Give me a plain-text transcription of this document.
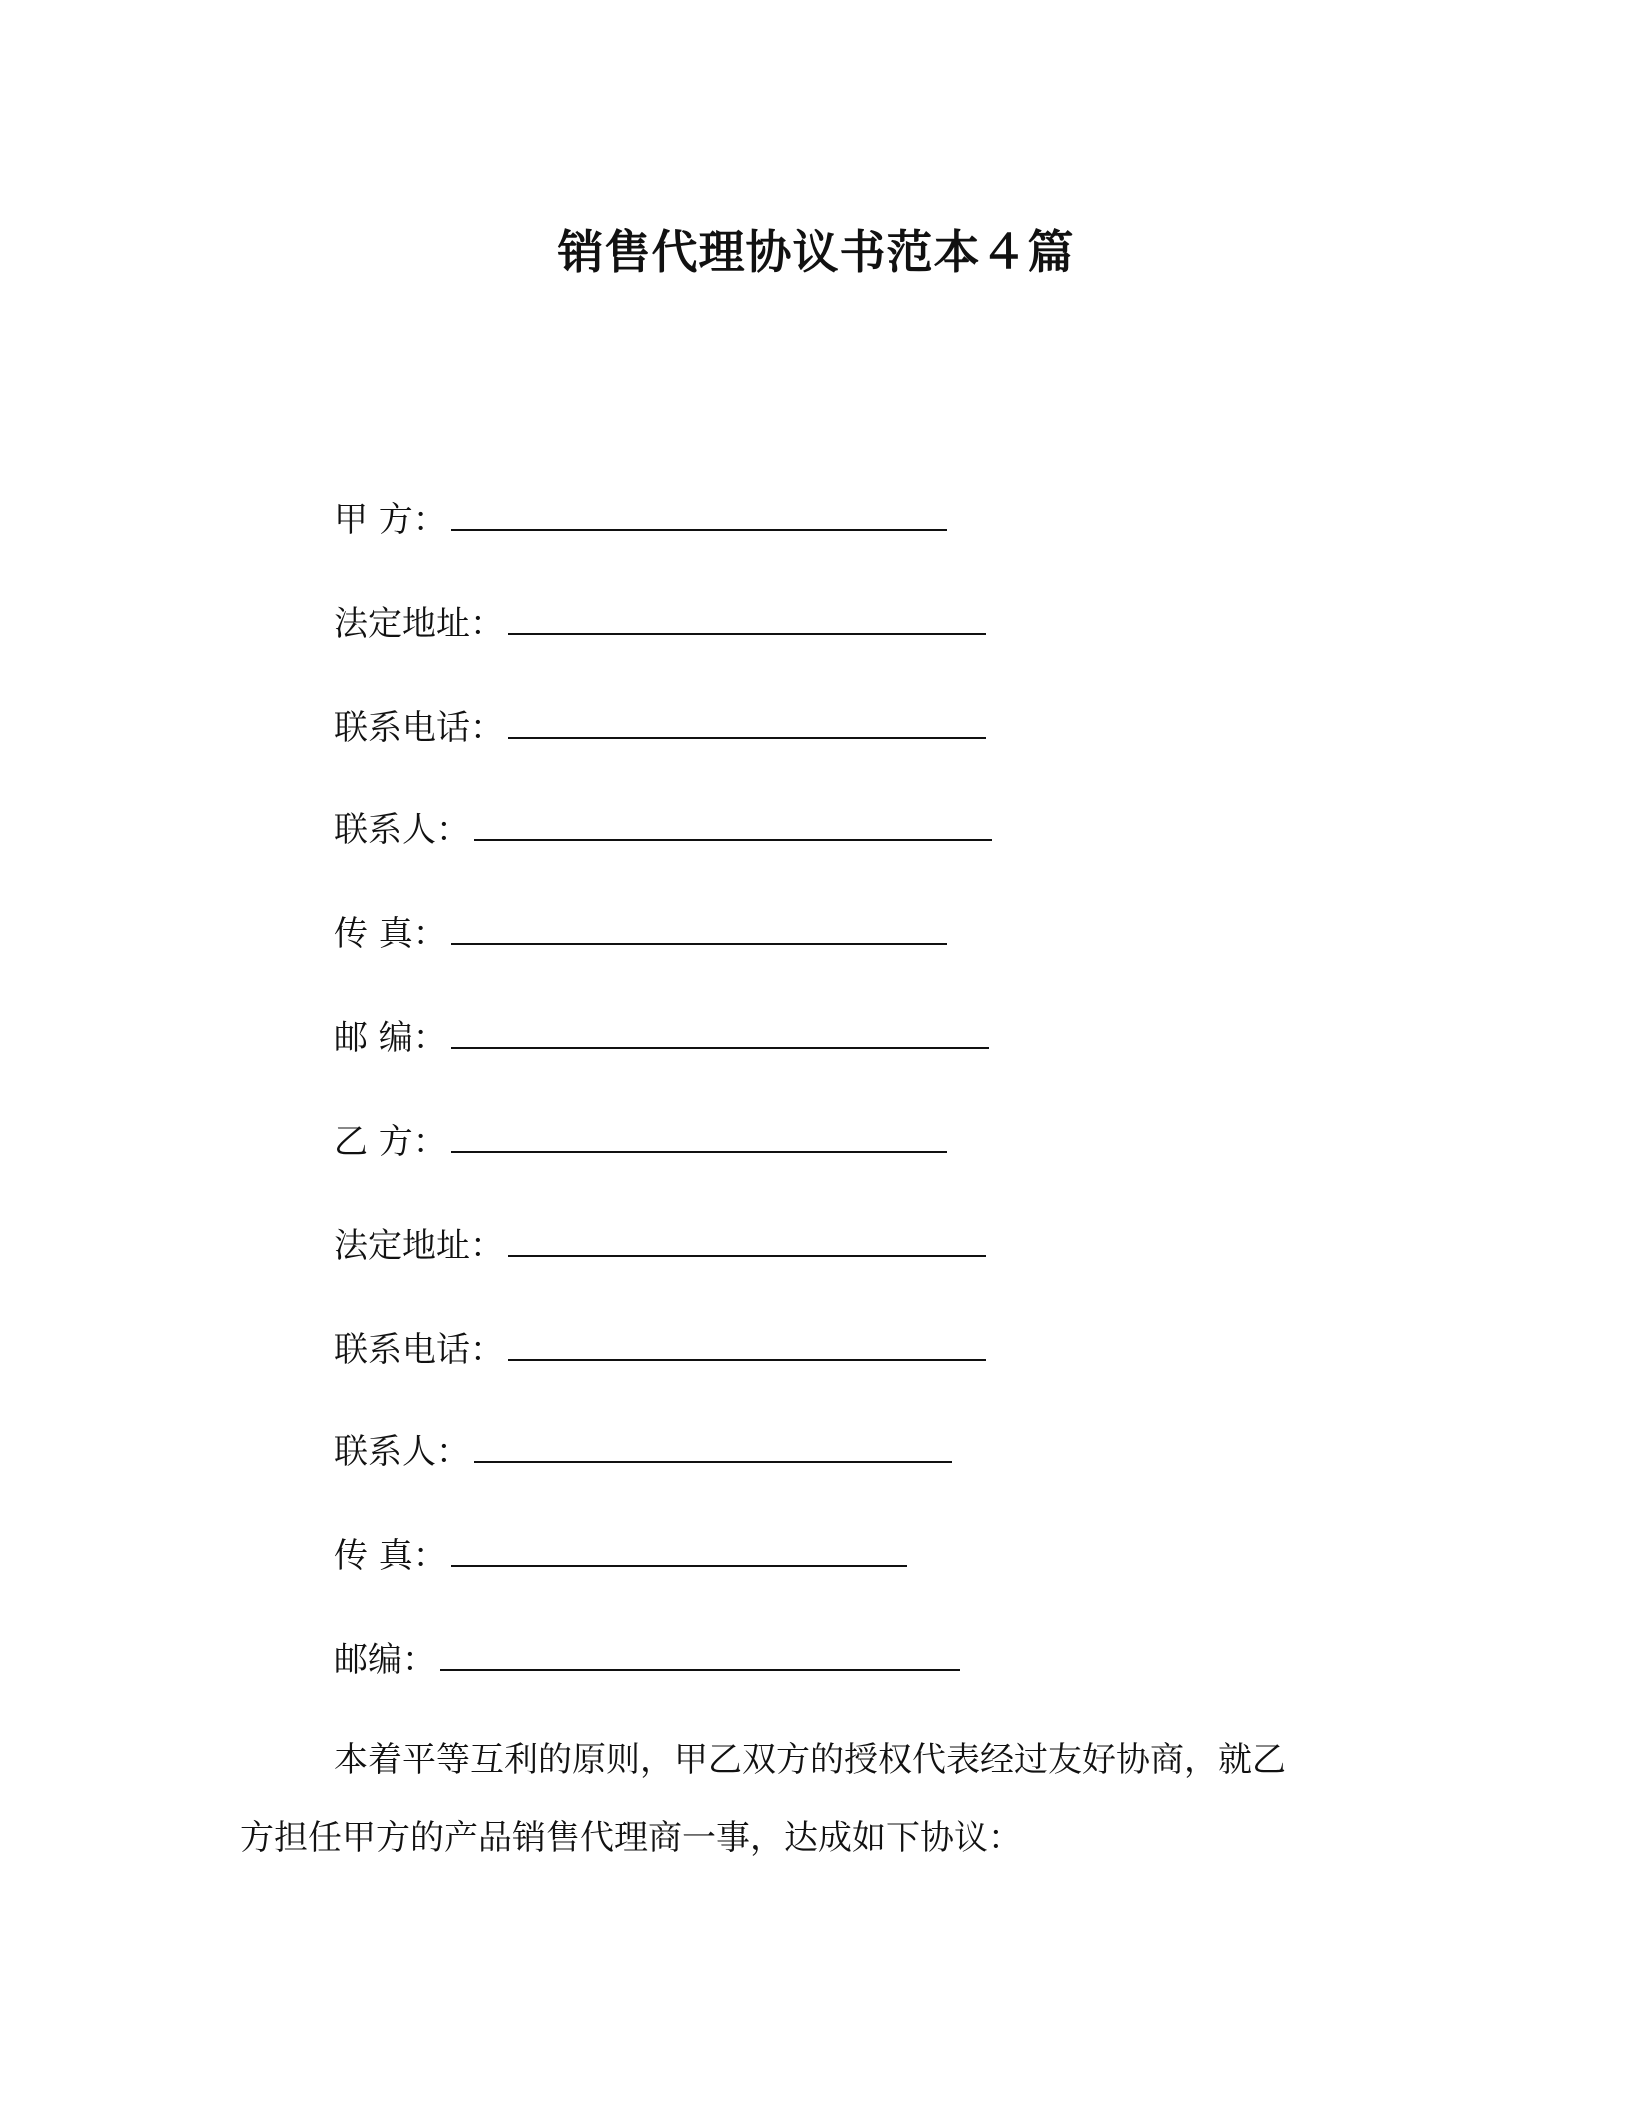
销售代理协议书范本４篇
甲 方：
法定地址：
联系电话：
联系人：
传 真：
邮 编：
乙 方：
法定地址：
联系电话：
联系人：
传 真：
邮编：
本着平等互利的原则，甲乙双方的授权代表经过友好协商，就乙
方担任甲方的产品销售代理商一事，达成如下协议：
